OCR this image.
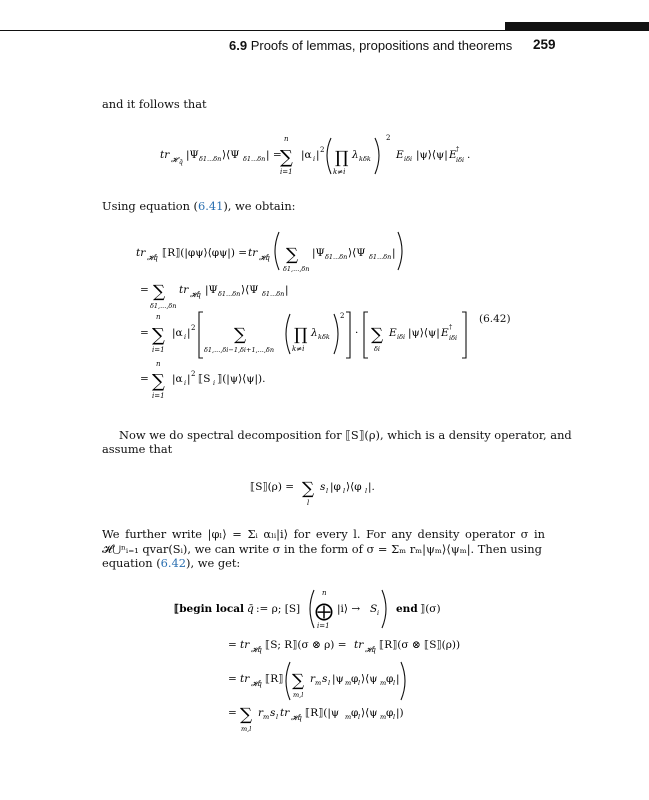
6.9 Proofs of lemmas, propositions and theorems 259
and it follows that
tr 𝓗 q̄
|Ψ δ1...δn ⟩⟨Ψ δ1...δn | =
n
∑
i=1
|α i | 2 ∏
k≠i
λ kδk
2
E iδi |ψ⟩⟨ψ| E †
iδi .
Using equation (6.41), we obtain:
tr 𝓗q̄ ⟦R⟧(|φψ⟩⟨φψ|) = tr 𝓗q̄ ∑
δ1,...,δn
|Ψ δ1...δn ⟩⟨Ψ δ1...δn |
= ∑
δ1,...,δn
tr 𝓗q̄ |Ψ δ1...δn ⟩⟨Ψ δ1...δn |
=
n
∑
i=1
|α i | 2 ∑
δ1,...,δi−1,δi+1,...,δn
∏
k≠i
λ kδk
2
· ∑
δi
E iδi |ψ⟩⟨ψ| E †
iδi
=
n
∑
i=1
|α i | 2 ⟦S i ⟧(|ψ⟩⟨ψ|).
(6.42)
Now we do spectral decomposition for ⟦S⟧(ρ), which is a density operator, and
assume that
⟦S⟧(ρ) = ∑
l
s l |φ l ⟩⟨φ l |.
We further write |φₗ⟩ = Σᵢ αₗᵢ|i⟩ for every l. For any density operator σ in
𝓗⋃ⁿᵢ₌₁ qvar(Sᵢ), we can write σ in the form of σ = Σₘ rₘ|ψₘ⟩⟨ψₘ|. Then using
equation (6.42), we get:
⟦begin local q̄ := ρ; [S]
n
⨁
i=1
|i⟩ → S i end ⟧(σ)
= tr 𝓗q̄ ⟦S; R⟧(σ ⊗ ρ) = tr 𝓗q̄ ⟦R⟧(σ ⊗ ⟦S⟧(ρ))
= tr 𝓗q̄ ⟦R⟧ ∑
m,l
r m s l |ψ m φ l ⟩⟨ψ m φ l |
= ∑
m,l
r m s l tr 𝓗q̄ ⟦R⟧(|ψ m φ l ⟩⟨ψ m φ l |)
